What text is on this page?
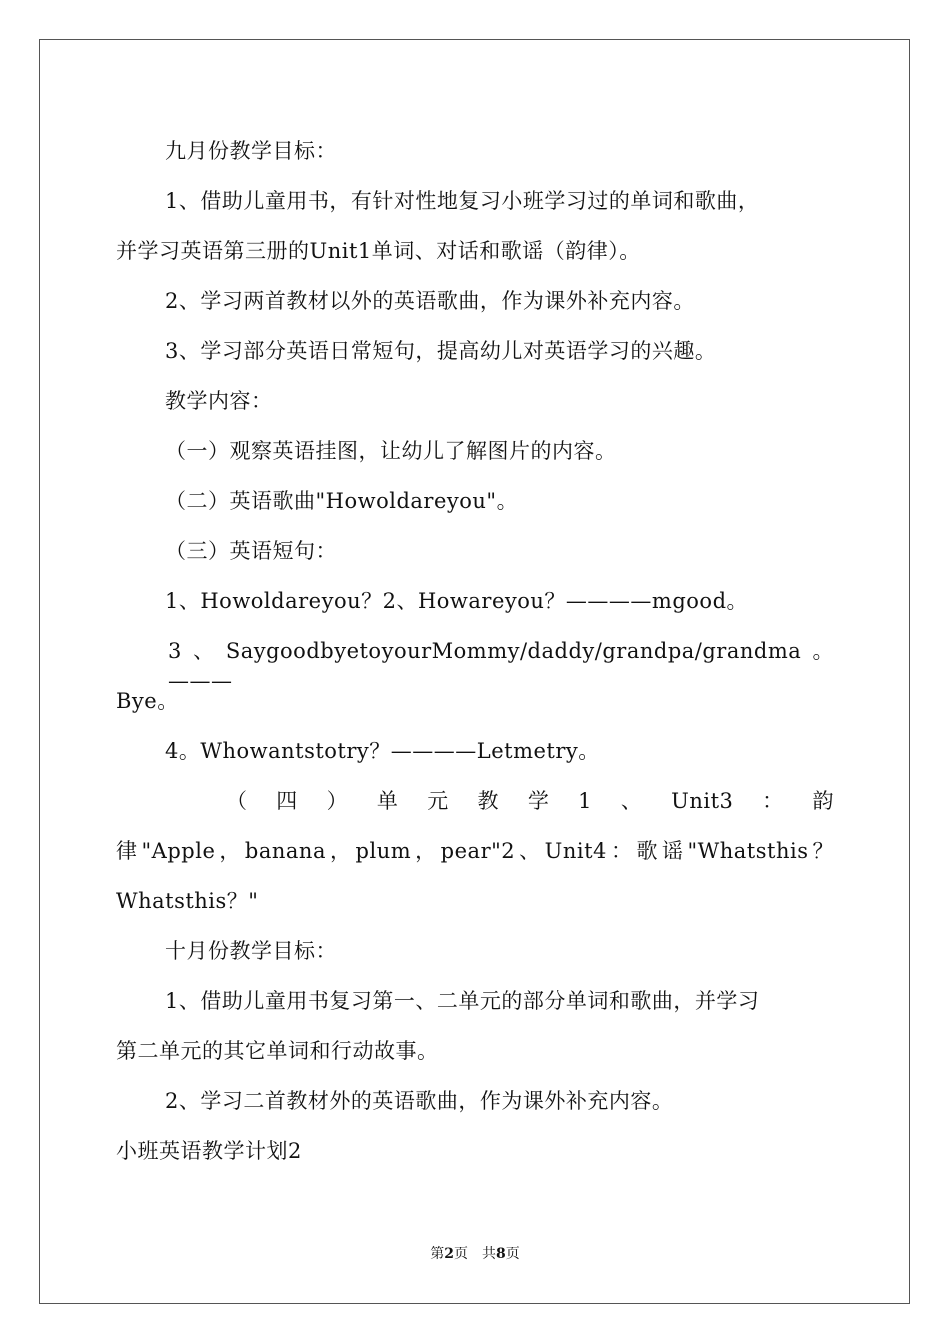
九月份教学目标：
1、借助儿童用书，有针对性地复习小班学习过的单词和歌曲，
并学习英语第三册的Unit1单词、对话和歌谣（韵律）。
2、学习两首教材以外的英语歌曲，作为课外补充内容。
3、学习部分英语日常短句，提高幼儿对英语学习的兴趣。
教学内容：
（一）观察英语挂图，让幼儿了解图片的内容。
（二）英语歌曲"Howoldareyou"。
（三）英语短句：
1、Howoldareyou？2、Howareyou？————mgood。
3、SaygoodbyetoyourMommy/daddy/grandpa/grandma。———
Bye。
4。Whowantstotry？————Letmetry。
（四）单元教学1、Unit3：韵
律"Apple，banana，plum，pear"2、Unit4：歌谣"Whatsthis？
Whatsthis？"
十月份教学目标：
1、借助儿童用书复习第一、二单元的部分单词和歌曲，并学习
第二单元的其它单词和行动故事。
2、学习二首教材外的英语歌曲，作为课外补充内容。
小班英语教学计划2
第2页　共8页
